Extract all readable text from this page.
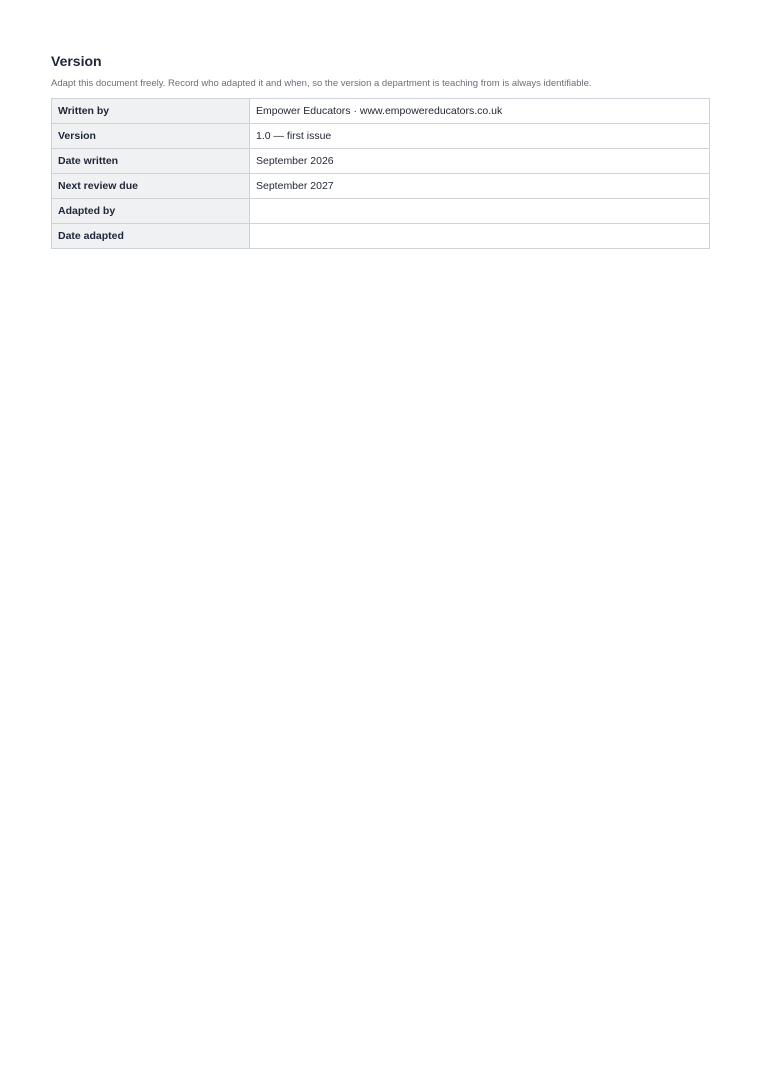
Version

Adapt this document freely. Record who adapted it and when, so the version a department is teaching from is always identifiable.

Written by	Empower Educators · www.empowereducators.co.uk
Version	1.0 — first issue
Date written	September 2026
Next review due	September 2027
Adapted by	
Date adapted	
